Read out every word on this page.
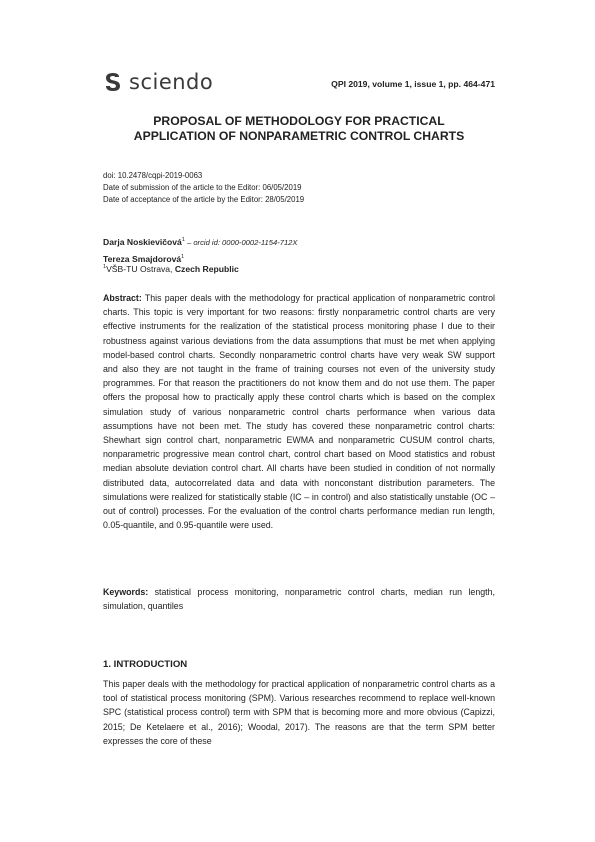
sciendo	QPI 2019, volume 1, issue 1, pp. 464-471
PROPOSAL OF METHODOLOGY FOR PRACTICAL
APPLICATION OF NONPARAMETRIC CONTROL CHARTS
doi: 10.2478/cqpi-2019-0063
Date of submission of the article to the Editor: 06/05/2019
Date of acceptance of the article by the Editor: 28/05/2019
Darja Noskievičová$^1$ – orcid id: 0000-0002-1154-712X
Tereza Smajdorová$^1$
$^1$VŠB-TU Ostrava, Czech Republic
Abstract: This paper deals with the methodology for practical application of nonparametric control charts. This topic is very important for two reasons: firstly nonparametric control charts are very effective instruments for the realization of the statistical process monitoring phase I due to their robustness against various deviations from the data assumptions that must be met when applying model-based control charts. Secondly nonparametric control charts have very weak SW support and also they are not taught in the frame of training courses not even of the university study programmes. For that reason the practitioners do not know them and do not use them. The paper offers the proposal how to practically apply these control charts which is based on the complex simulation study of various nonparametric control charts performance when various data assumptions have not been met. The study has covered these nonparametric control charts: Shewhart sign control chart, nonparametric EWMA and nonparametric CUSUM control charts, nonparametric progressive mean control chart, control chart based on Mood statistics and robust median absolute deviation control chart. All charts have been studied in condition of not normally distributed data, autocorrelated data and data with nonconstant distribution parameters. The simulations were realized for statistically stable (IC – in control) and also statistically unstable (OC – out of control) processes. For the evaluation of the control charts performance median run length, 0.05-quantile, and 0.95-quantile were used.
Keywords: statistical process monitoring, nonparametric control charts, median run length, simulation, quantiles
1. INTRODUCTION
This paper deals with the methodology for practical application of nonparametric control charts as a tool of statistical process monitoring (SPM). Various researches recommend to replace well-known SPC (statistical process control) term with SPM that is becoming more and more obvious (Capizzi, 2015; De Ketelaere et al., 2016); Woodal, 2017). The reasons are that the term SPM better expresses the core of these
